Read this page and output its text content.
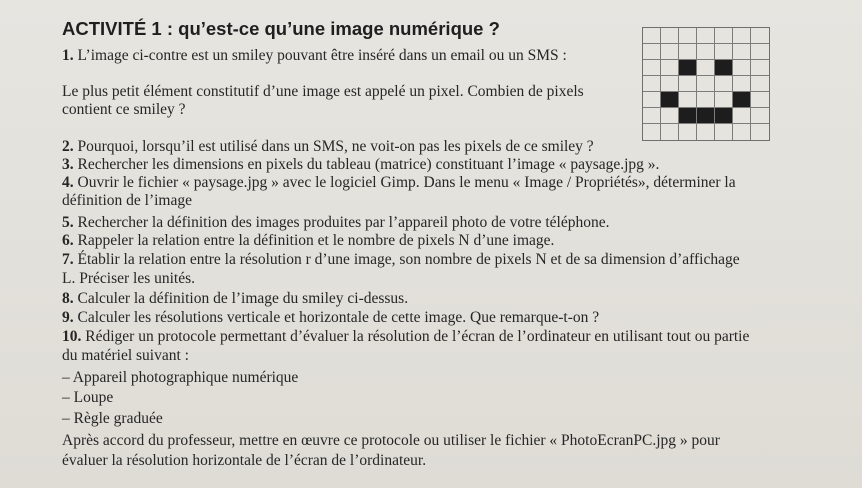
ACTIVITÉ 1 : qu’est-ce qu’une image numérique ?
1. L’image ci-contre est un smiley pouvant être inséré dans un email ou un SMS :
Le plus petit élément constitutif d’une image est appelé un pixel. Combien de pixels
contient ce smiley ?
2. Pourquoi, lorsqu’il est utilisé dans un SMS, ne voit-on pas les pixels de ce smiley ?
3. Rechercher les dimensions en pixels du tableau (matrice) constituant l’image « paysage.jpg ».
4. Ouvrir le fichier « paysage.jpg » avec le logiciel Gimp. Dans le menu « Image / Propriétés», déterminer la
définition de l’image
5. Rechercher la définition des images produites par l’appareil photo de votre téléphone.
6. Rappeler la relation entre la définition et le nombre de pixels N d’une image.
7. Établir la relation entre la résolution r d’une image, son nombre de pixels N et de sa dimension d’affichage
L. Préciser les unités.
8. Calculer la définition de l’image du smiley ci-dessus.
9. Calculer les résolutions verticale et horizontale de cette image. Que remarque-t-on ?
10. Rédiger un protocole permettant d’évaluer la résolution de l’écran de l’ordinateur en utilisant tout ou partie
du matériel suivant :
– Appareil photographique numérique
– Loupe
– Règle graduée
Après accord du professeur, mettre en œuvre ce protocole ou utiliser le fichier « PhotoEcranPC.jpg » pour
évaluer la résolution horizontale de l’écran de l’ordinateur.
